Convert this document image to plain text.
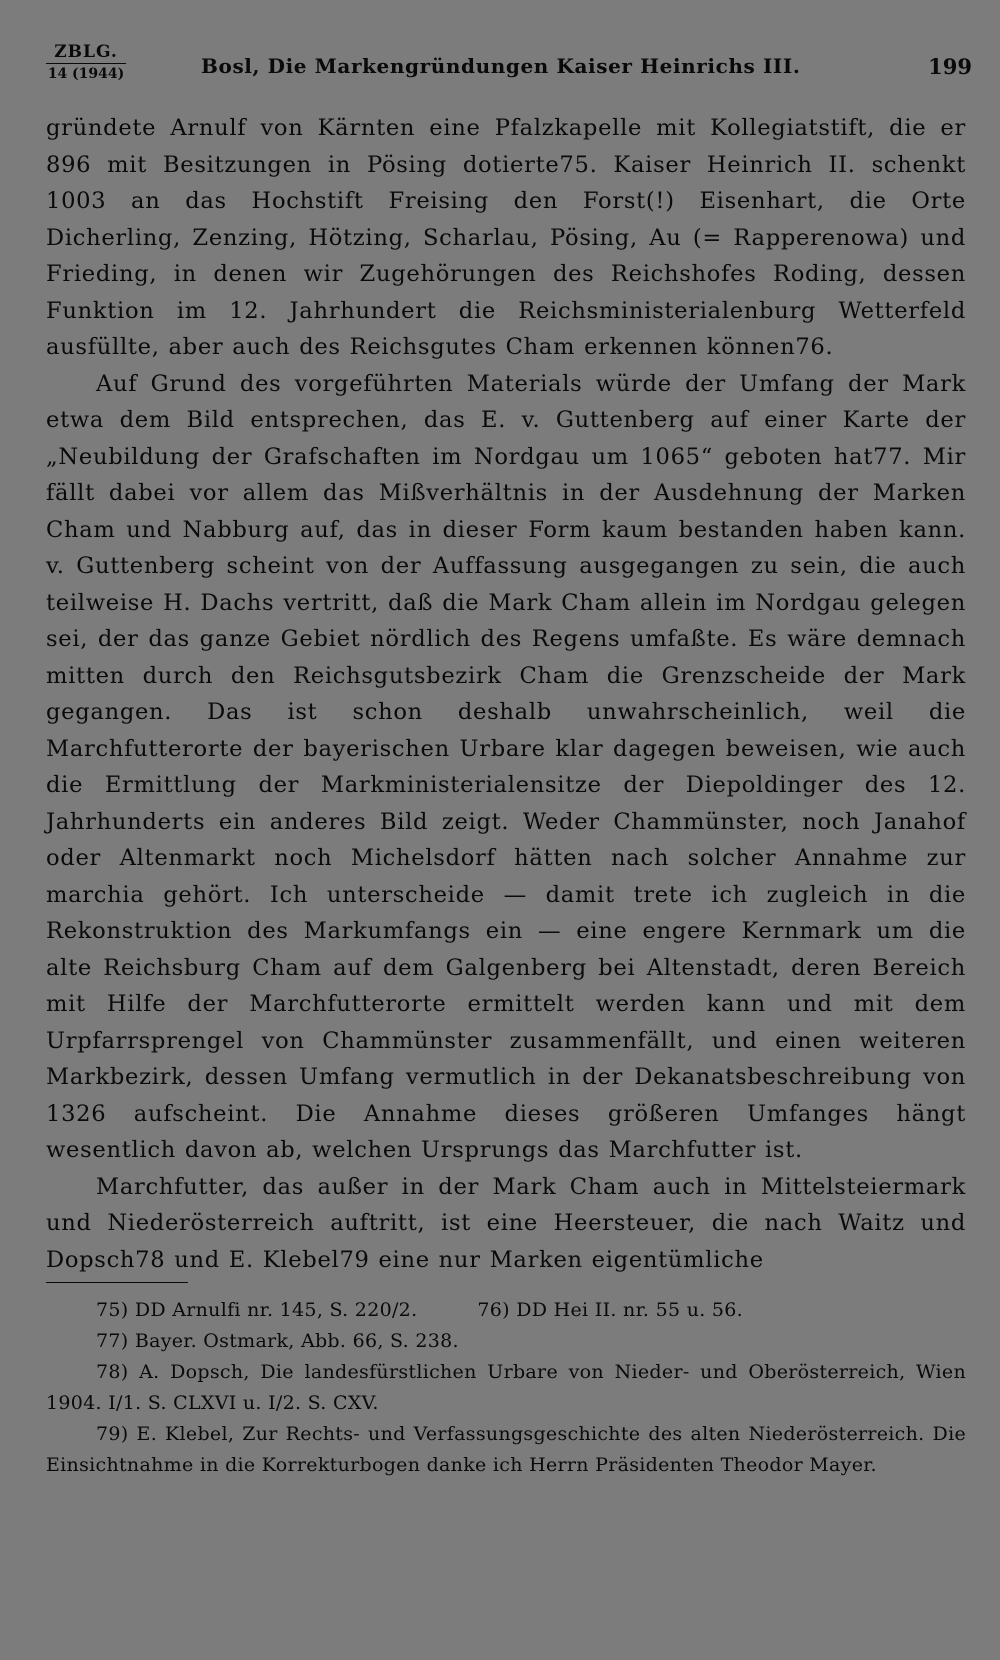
ZBLG.
14 (1944)	Bosl, Die Markengründungen Kaiser Heinrichs III.	199

gründete Arnulf von Kärnten eine Pfalzkapelle mit Kollegiatstift, die er 896 mit Besitzungen in Pösing dotierte75. Kaiser Heinrich II. schenkt 1003 an das Hochstift Freising den Forst(!) Eisenhart, die Orte Dicherling, Zenzing, Hötzing, Scharlau, Pösing, Au (= Rapperenowa) und Frieding, in denen wir Zugehörungen des Reichshofes Roding, dessen Funktion im 12. Jahrhundert die Reichsministerialenburg Wetterfeld ausfüllte, aber auch des Reichsgutes Cham erkennen können76.

Auf Grund des vorgeführten Materials würde der Umfang der Mark etwa dem Bild entsprechen, das E. v. Guttenberg auf einer Karte der „Neubildung der Grafschaften im Nordgau um 1065“ geboten hat77. Mir fällt dabei vor allem das Mißverhältnis in der Ausdehnung der Marken Cham und Nabburg auf, das in dieser Form kaum bestanden haben kann. v. Guttenberg scheint von der Auffassung ausgegangen zu sein, die auch teilweise H. Dachs vertritt, daß die Mark Cham allein im Nordgau gelegen sei, der das ganze Gebiet nördlich des Regens umfaßte. Es wäre demnach mitten durch den Reichsgutsbezirk Cham die Grenzscheide der Mark gegangen. Das ist schon deshalb unwahrscheinlich, weil die Marchfutterorte der bayerischen Urbare klar dagegen beweisen, wie auch die Ermittlung der Markministerialensitze der Diepoldinger des 12. Jahrhunderts ein anderes Bild zeigt. Weder Chammünster, noch Janahof oder Altenmarkt noch Michelsdorf hätten nach solcher Annahme zur marchia gehört. Ich unterscheide — damit trete ich zugleich in die Rekonstruktion des Markumfangs ein — eine engere Kernmark um die alte Reichsburg Cham auf dem Galgenberg bei Altenstadt, deren Bereich mit Hilfe der Marchfutterorte ermittelt werden kann und mit dem Urpfarrsprengel von Chammünster zusammenfällt, und einen weiteren Markbezirk, dessen Umfang vermutlich in der Dekanatsbeschreibung von 1326 aufscheint. Die Annahme dieses größeren Umfanges hängt wesentlich davon ab, welchen Ursprungs das Marchfutter ist.

Marchfutter, das außer in der Mark Cham auch in Mittelsteiermark und Niederösterreich auftritt, ist eine Heersteuer, die nach Waitz und Dopsch78 und E. Klebel79 eine nur Marken eigentümliche

75) DD Arnulfi nr. 145, S. 220/2.	76) DD Hei II. nr. 55 u. 56.

77) Bayer. Ostmark, Abb. 66, S. 238.

78) A. Dopsch, Die landesfürstlichen Urbare von Nieder- und Oberösterreich, Wien 1904. I/1. S. CLXVI u. I/2. S. CXV.

79) E. Klebel, Zur Rechts- und Verfassungsgeschichte des alten Niederösterreich. Die Einsichtnahme in die Korrekturbogen danke ich Herrn Präsidenten Theodor Mayer.
